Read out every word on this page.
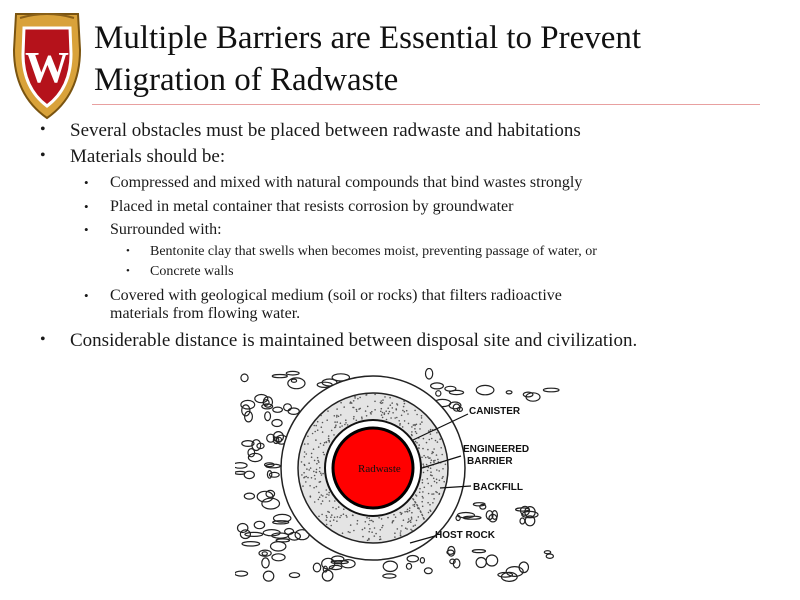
W
Multiple Barriers are Essential to Prevent
Migration of Radwaste
• Several obstacles must be placed between radwaste and habitations
• Materials should be:
• Compressed and mixed with natural compounds that bind wastes strongly
• Placed in metal container that resists corrosion by groundwater
• Surrounded with:
• Bentonite clay that swells when becomes moist, preventing passage of water, or
• Concrete walls
• Covered with geological medium (soil or rocks) that filters radioactive
materials from flowing water.
• Considerable distance is maintained between disposal site and civilization.
Radwaste
CANISTER
ENGINEERED
BARRIER
BACKFILL
HOST ROCK
